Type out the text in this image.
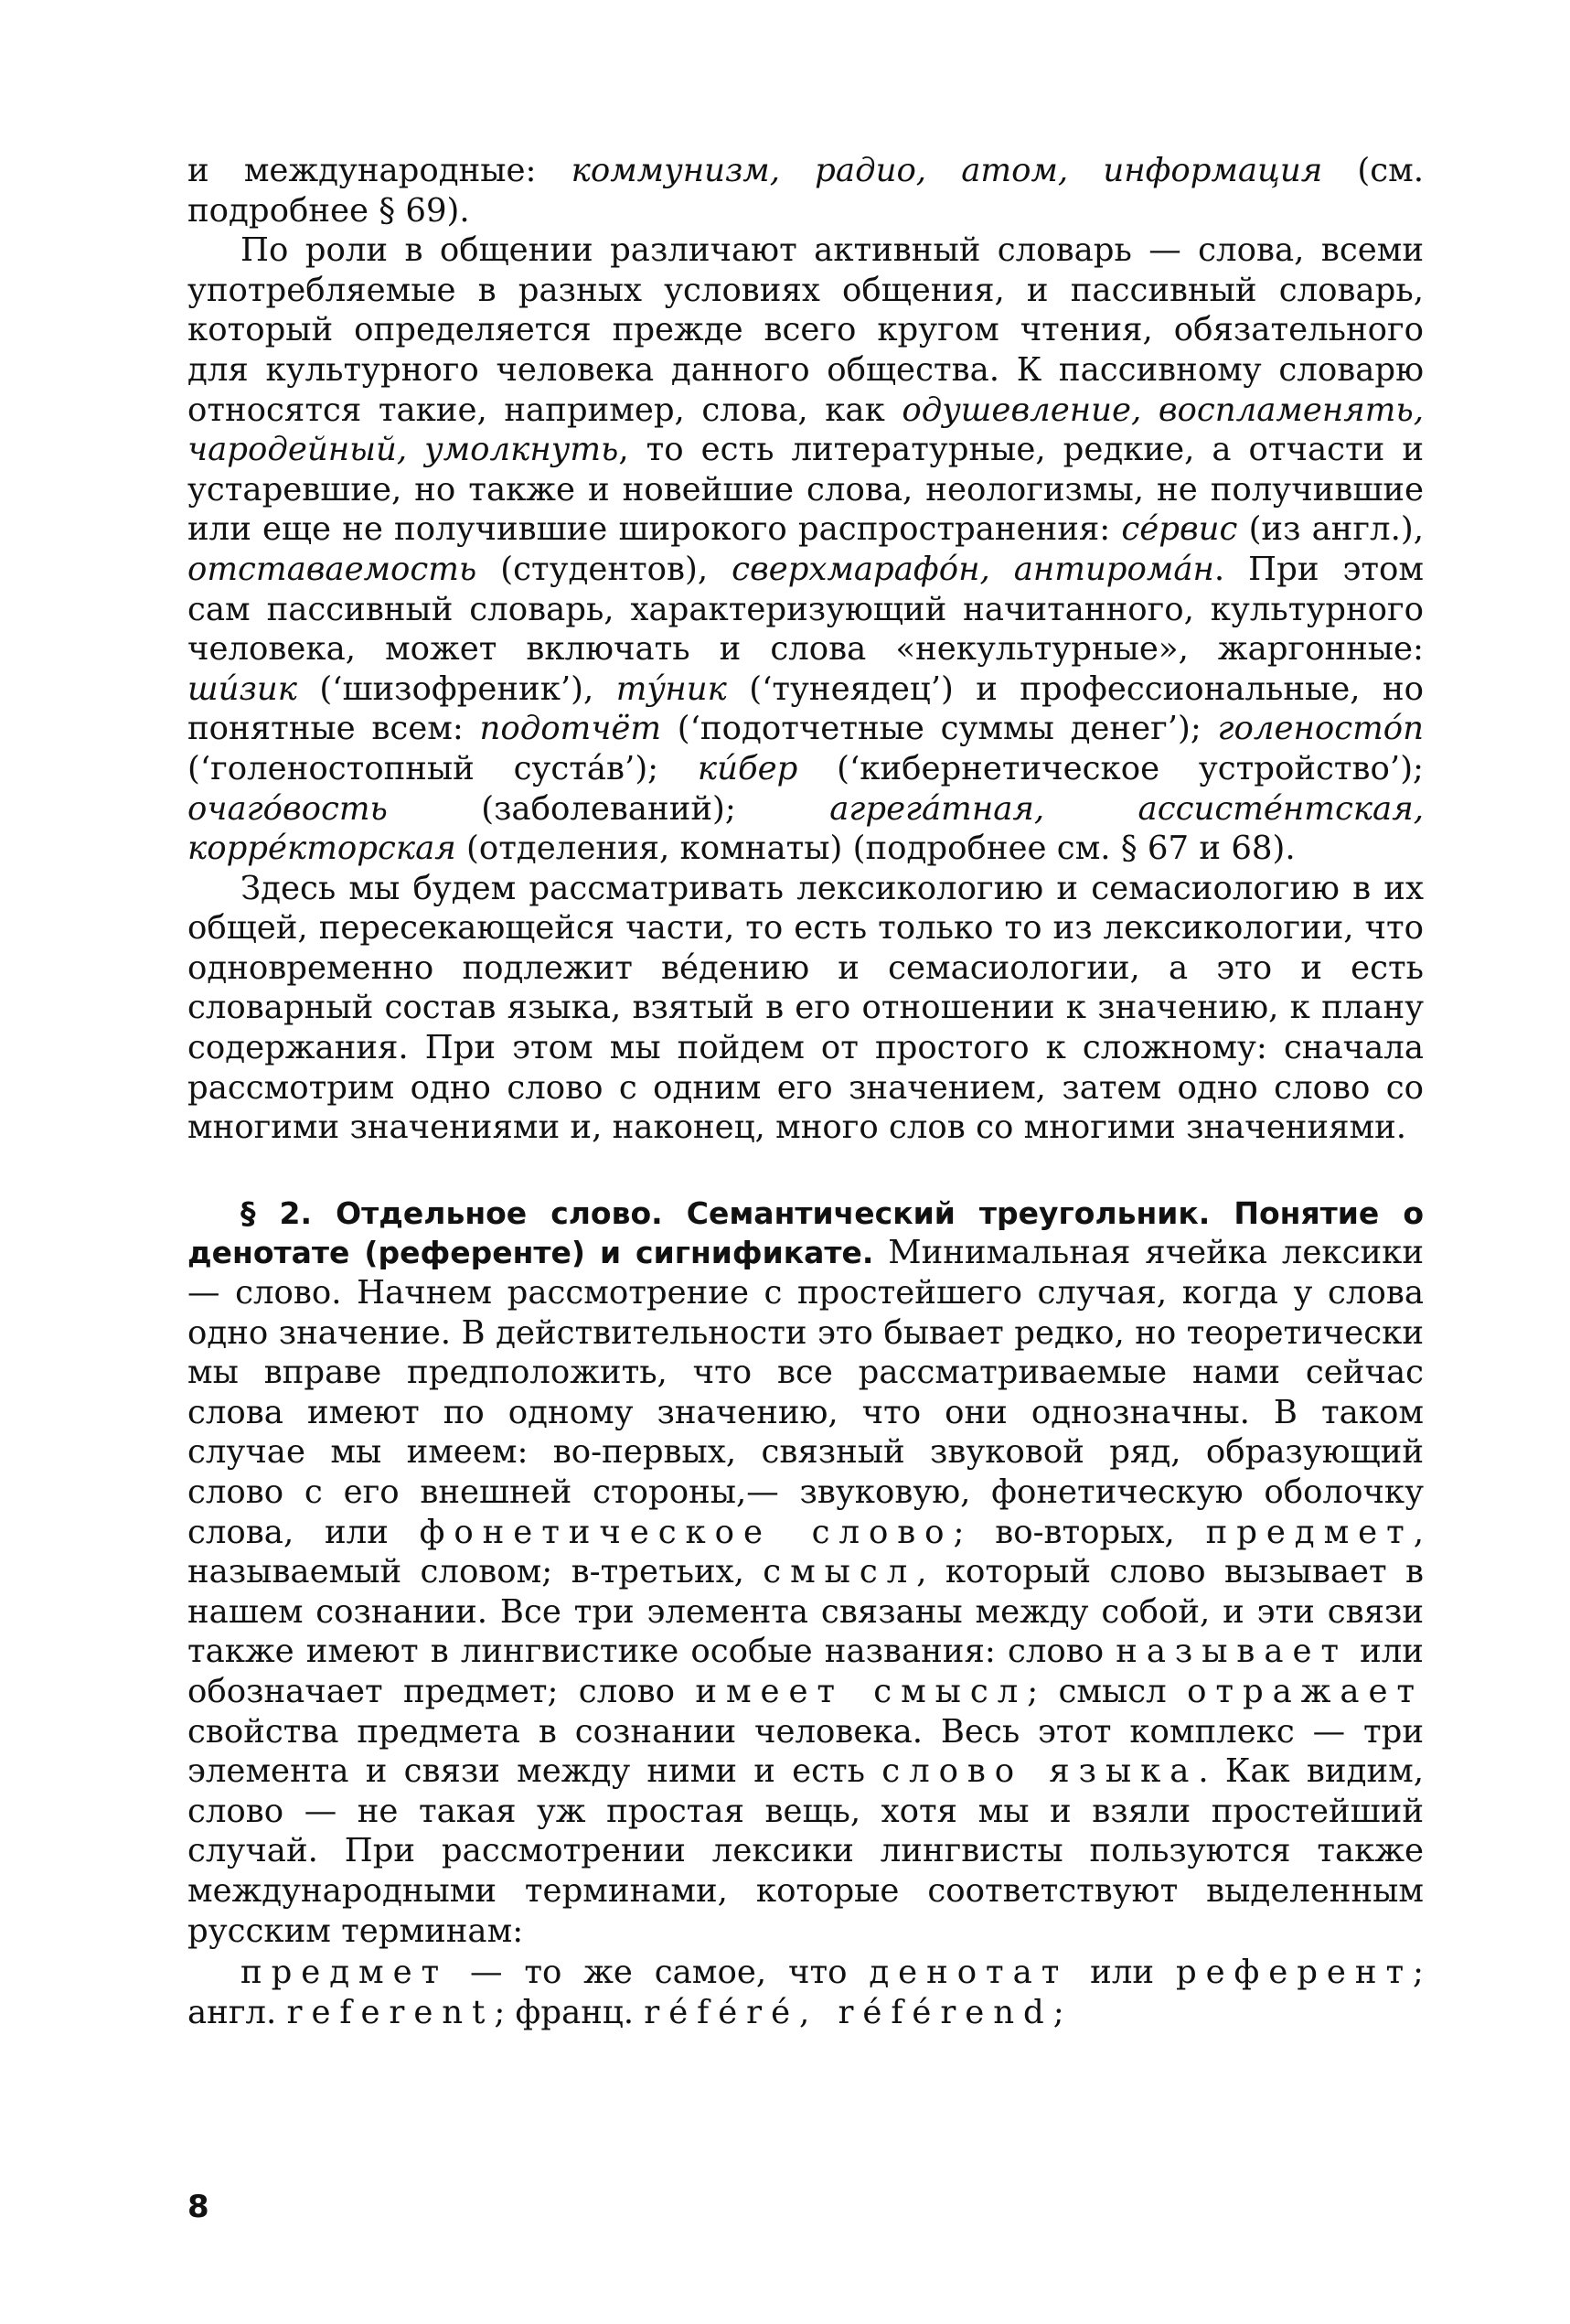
и международные: коммунизм, радио, атом, информация (см. подробнее § 69).

По роли в общении различают активный словарь — слова, всеми употребляемые в разных условиях общения, и пассивный словарь, который определяется прежде всего кругом чтения, обязательного для культурного человека данного общества. К пассивному словарю относятся такие, например, слова, как одушевление, воспламенять, чародейный, умолкнуть, то есть литературные, редкие, а отчасти и устаревшие, но также и новейшие слова, неологизмы, не получившие или еще не получившие широкого распространения: сéрвис (из англ.), отставаемость (студентов), сверхмарафóн, антиромáн. При этом сам пассивный словарь, характеризующий начитанного, культурного человека, может включать и слова «некультурные», жаргонные: шúзик (‘шизофреник’), тýник (‘тунеядец’) и профессиональные, но понятные всем: подотчёт (‘подотчетные суммы денег’); голеностóп (‘голеностопный сустáв’); кúбер (‘кибернетическое устройство’); очагóвость (заболеваний); агрегáтная, ассистéнтская, коррéкторская (отделения, комнаты) (подробнее см. § 67 и 68).

Здесь мы будем рассматривать лексикологию и семасиологию в их общей, пересекающейся части, то есть только то из лексикологии, что одновременно подлежит вéдению и семасиологии, а это и есть словарный состав языка, взятый в его отношении к значению, к плану содержания. При этом мы пойдем от простого к сложному: сначала рассмотрим одно слово с одним его значением, затем одно слово со многими значениями и, наконец, много слов со многими значениями.

§ 2. Отдельное слово. Семантический треугольник. Понятие о денотате (референте) и сигнификате. Минимальная ячейка лексики — слово. Начнем рассмотрение с простейшего случая, когда у слова одно значение. В действительности это бывает редко, но теоретически мы вправе предположить, что все рассматриваемые нами сейчас слова имеют по одному значению, что они однозначны. В таком случае мы имеем: во-первых, связный звуковой ряд, образующий слово с его внешней стороны,— звуковую, фонетическую оболочку слова, или фонетическое слово; во-вторых, предмет, называемый словом; в-третьих, смысл, который слово вызывает в нашем сознании. Все три элемента связаны между собой, и эти связи также имеют в лингвистике особые названия: слово называет или обозначает предмет; слово имеет смысл; смысл отражает свойства предмета в сознании человека. Весь этот комплекс — три элемента и связи между ними и есть слово языка. Как видим, слово — не такая уж простая вещь, хотя мы и взяли простейший случай. При рассмотрении лексики лингвисты пользуются также международными терминами, которые соответствуют выделенным русским терминам:

предмет — то же самое, что денотат или референт; англ. referent; франц. référé, référend;

8
